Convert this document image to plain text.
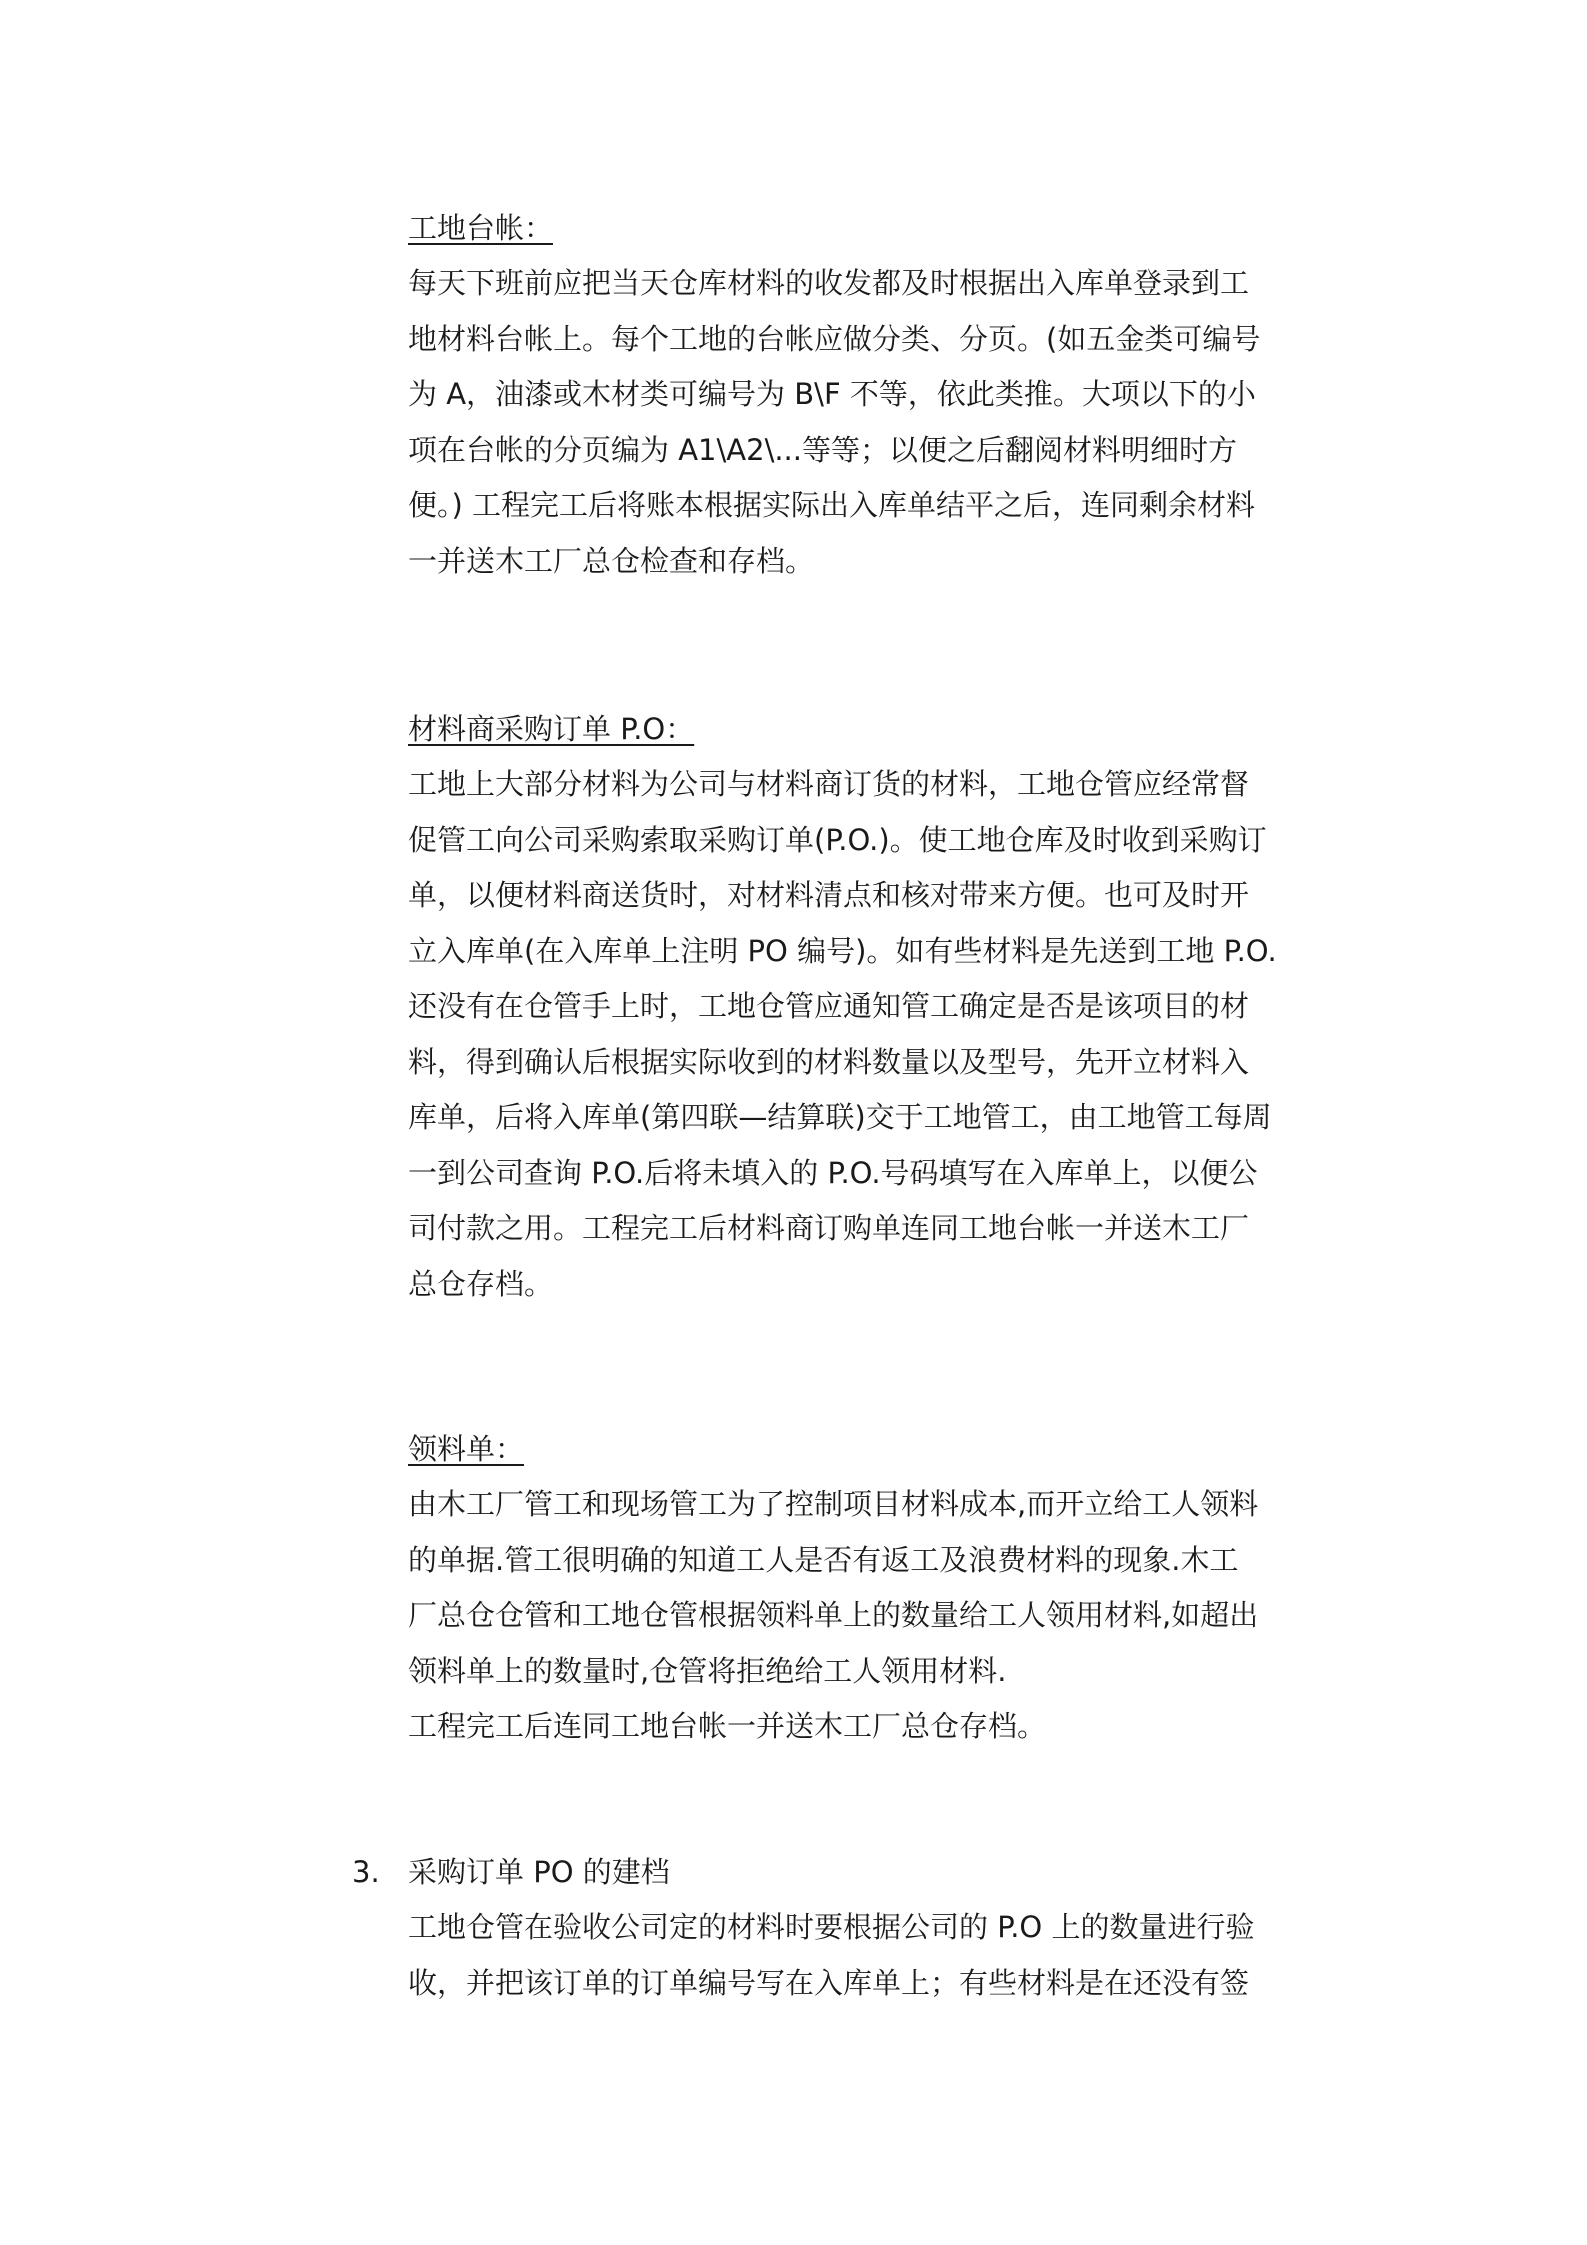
工地台帐：
每天下班前应把当天仓库材料的收发都及时根据出入库单登录到工
地材料台帐上。每个工地的台帐应做分类、分页。(如五金类可编号
为 A，油漆或木材类可编号为 B\F 不等，依此类推。大项以下的小
项在台帐的分页编为 A1\A2\...等等；以便之后翻阅材料明细时方
便。) 工程完工后将账本根据实际出入库单结平之后，连同剩余材料
一并送木工厂总仓检查和存档。
材料商采购订单 P.O：
工地上大部分材料为公司与材料商订货的材料，工地仓管应经常督
促管工向公司采购索取采购订单(P.O.)。使工地仓库及时收到采购订
单，以便材料商送货时，对材料清点和核对带来方便。也可及时开
立入库单(在入库单上注明 PO 编号)。如有些材料是先送到工地 P.O.
还没有在仓管手上时，工地仓管应通知管工确定是否是该项目的材
料，得到确认后根据实际收到的材料数量以及型号，先开立材料入
库单，后将入库单(第四联—结算联)交于工地管工，由工地管工每周
一到公司查询 P.O.后将未填入的 P.O.号码填写在入库单上，以便公
司付款之用。工程完工后材料商订购单连同工地台帐一并送木工厂
总仓存档。
领料单：
由木工厂管工和现场管工为了控制项目材料成本,而开立给工人领料
的单据.管工很明确的知道工人是否有返工及浪费材料的现象.木工
厂总仓仓管和工地仓管根据领料单上的数量给工人领用材料,如超出
领料单上的数量时,仓管将拒绝给工人领用材料.
工程完工后连同工地台帐一并送木工厂总仓存档。
3. 采购订单 PO 的建档
工地仓管在验收公司定的材料时要根据公司的 P.O 上的数量进行验
收，并把该订单的订单编号写在入库单上；有些材料是在还没有签
